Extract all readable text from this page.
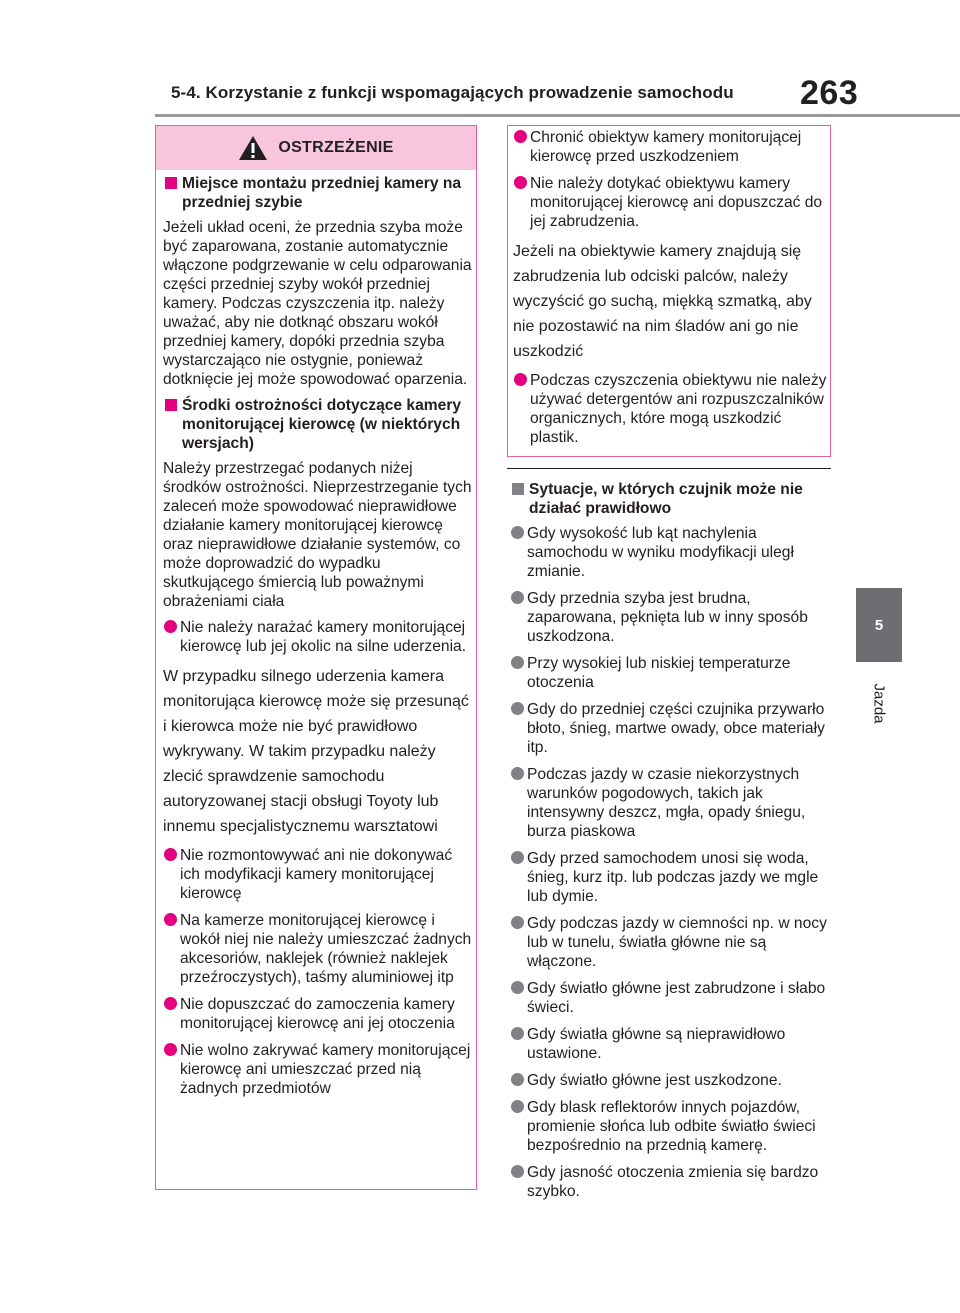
5-4. Korzystanie z funkcji wspomagających prowadzenie samochodu 263
5
Jazda
OSTRZEŻENIE
Miejsce montażu przedniej kamery na przedniej szybie

Jeżeli układ oceni, że przednia szyba może być zaparowana, zostanie automatycznie włączone podgrzewanie w celu odparowania części przedniej szyby wokół przedniej kamery. Podczas czyszczenia itp. należy uważać, aby nie dotknąć obszaru wokół przedniej kamery, dopóki przednia szyba wystarczająco nie ostygnie, ponieważ dotknięcie jej może spowodować oparzenia.

Środki ostrożności dotyczące kamery monitorującej kierowcę (w niektórych wersjach)

Należy przestrzegać podanych niżej środków ostrożności. Nieprzestrzeganie tych zaleceń może spowodować nieprawidłowe działanie kamery monitorującej kierowcę oraz nieprawidłowe działanie systemów, co może doprowadzić do wypadku skutkującego śmiercią lub poważnymi obrażeniami ciała

Nie należy narażać kamery monitorującej kierowcę lub jej okolic na silne uderzenia.

W przypadku silnego uderzenia kamera monitorująca kierowcę może się przesunąć i kierowca może nie być prawidłowo wykrywany. W takim przypadku należy zlecić sprawdzenie samochodu autoryzowanej stacji obsługi Toyoty lub innemu specjalistycznemu warsztatowi

Nie rozmontowywać ani nie dokonywać ich modyfikacji kamery monitorującej kierowcę
Na kamerze monitorującej kierowcę i wokół niej nie należy umieszczać żadnych akcesoriów, naklejek (również naklejek przeźroczystych), taśmy aluminiowej itp
Nie dopuszczać do zamoczenia kamery monitorującej kierowcę ani jej otoczenia
Nie wolno zakrywać kamery monitorującej kierowcę ani umieszczać przed nią żadnych przedmiotów
Chronić obiektyw kamery monitorującej kierowcę przed uszkodzeniem
Nie należy dotykać obiektywu kamery monitorującej kierowcę ani dopuszczać do jej zabrudzenia.

Jeżeli na obiektywie kamery znajdują się zabrudzenia lub odciski palców, należy wyczyścić go suchą, miękką szmatką, aby nie pozostawić na nim śladów ani go nie uszkodzić

Podczas czyszczenia obiektywu nie należy używać detergentów ani rozpuszczalników organicznych, które mogą uszkodzić plastik.
Sytuacje, w których czujnik może nie działać prawidłowo
Gdy wysokość lub kąt nachylenia samochodu w wyniku modyfikacji uległ zmianie.
Gdy przednia szyba jest brudna, zaparowana, pęknięta lub w inny sposób uszkodzona.
Przy wysokiej lub niskiej temperaturze otoczenia
Gdy do przedniej części czujnika przywarło błoto, śnieg, martwe owady, obce materiały itp.
Podczas jazdy w czasie niekorzystnych warunków pogodowych, takich jak intensywny deszcz, mgła, opady śniegu, burza piaskowa
Gdy przed samochodem unosi się woda, śnieg, kurz itp. lub podczas jazdy we mgle lub dymie.
Gdy podczas jazdy w ciemności np. w nocy lub w tunelu, światła główne nie są włączone.
Gdy światło główne jest zabrudzone i słabo świeci.
Gdy światła główne są nieprawidłowo ustawione.
Gdy światło główne jest uszkodzone.
Gdy blask reflektorów innych pojazdów, promienie słońca lub odbite światło świeci bezpośrednio na przednią kamerę.
Gdy jasność otoczenia zmienia się bardzo szybko.
